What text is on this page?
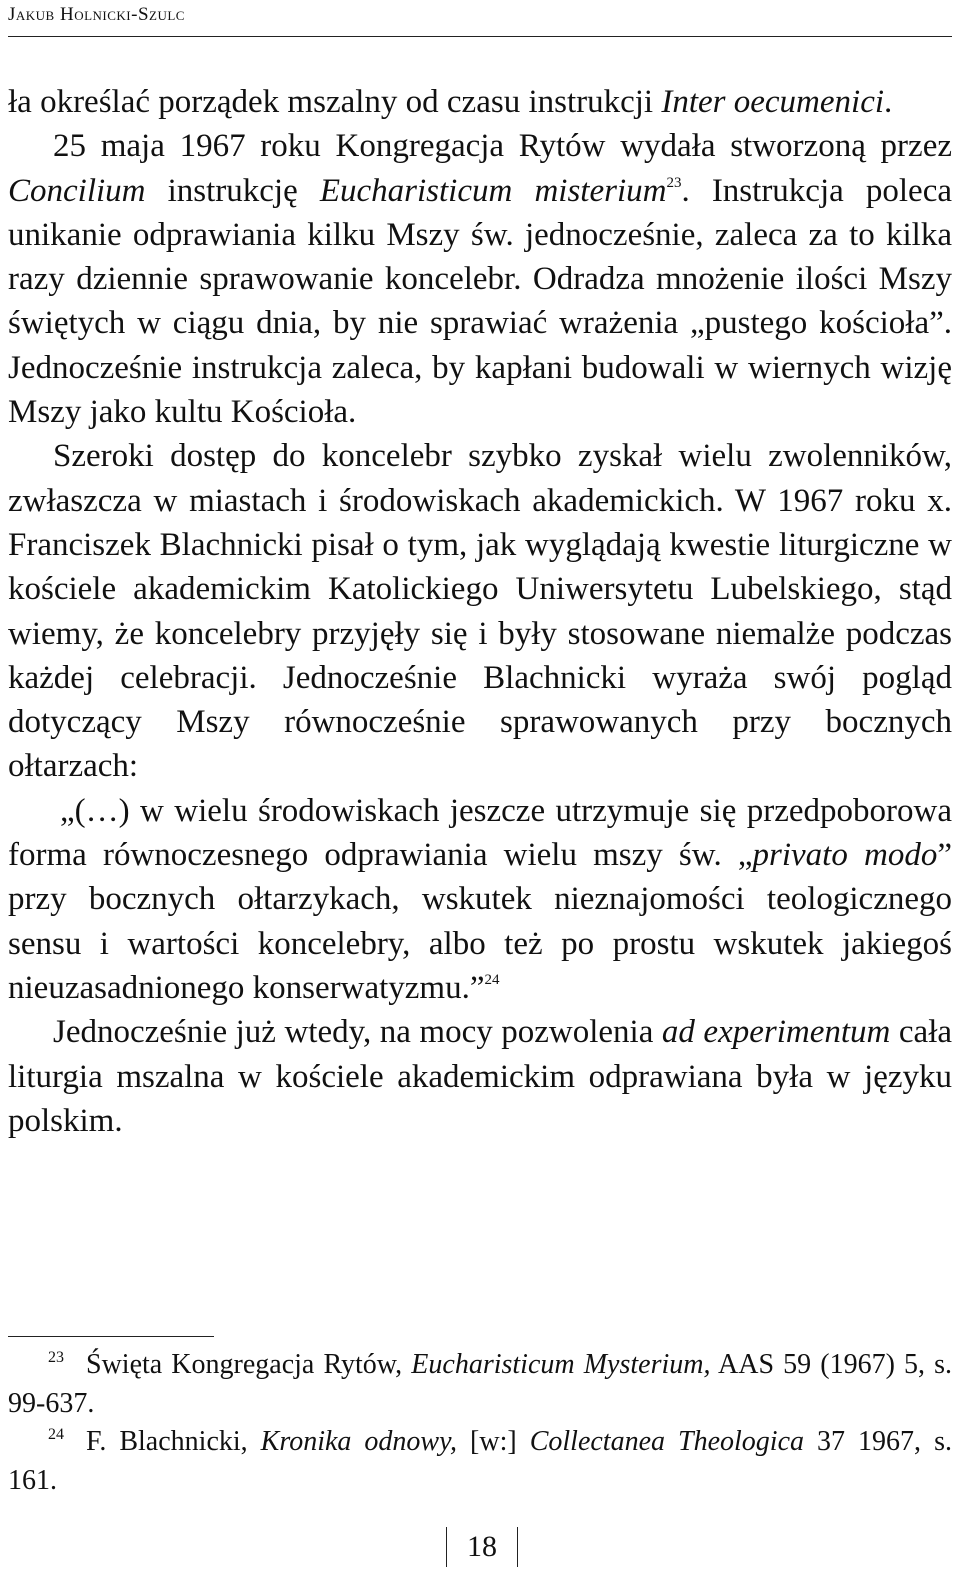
Jakub Holnicki-Szulc

ła określać porządek mszalny od czasu instrukcji Inter oecumenici.

25 maja 1967 roku Kongregacja Rytów wydała stworzoną przez Concilium instrukcję Eucharisticum misterium$^{23}$. Instrukcja poleca unikanie odprawiania kilku Mszy św. jednocześnie, zaleca za to kilka razy dziennie sprawowanie koncelebr. Odradza mnożenie ilości Mszy świętych w ciągu dnia, by nie sprawiać wrażenia „pustego kościoła”. Jednocześnie instrukcja zaleca, by kapłani budowali w wiernych wizję Mszy jako kultu Kościoła.

Szeroki dostęp do koncelebr szybko zyskał wielu zwolenników, zwłaszcza w miastach i środowiskach akademickich. W 1967 roku x. Franciszek Blachnicki pisał o tym, jak wyglądają kwestie liturgiczne w kościele akademickim Katolickiego Uniwersytetu Lubelskiego, stąd wiemy, że koncelebry przyjęły się i były stosowane niemalże podczas każdej celebracji. Jednocześnie Blachnicki wyraża swój pogląd dotyczący Mszy równocześnie sprawowanych przy bocznych ołtarzach:

„(…) w wielu środowiskach jeszcze utrzymuje się przedpoborowa forma równoczesnego odprawiania wielu mszy św. „privato modo” przy bocznych ołtarzykach, wskutek nieznajomości teologicznego sensu i wartości koncelebry, albo też po prostu wskutek jakiegoś nieuzasadnionego konserwatyzmu.”$^{24}$

Jednocześnie już wtedy, na mocy pozwolenia ad experimentum cała liturgia mszalna w kościele akademickim odprawiana była w języku polskim.

$^{23}$ Święta Kongregacja Rytów, Eucharisticum Mysterium, AAS 59 (1967) 5, s. 99-637.

$^{24}$ F. Blachnicki, Kronika odnowy, [w:] Collectanea Theologica 37 1967, s. 161.

18
